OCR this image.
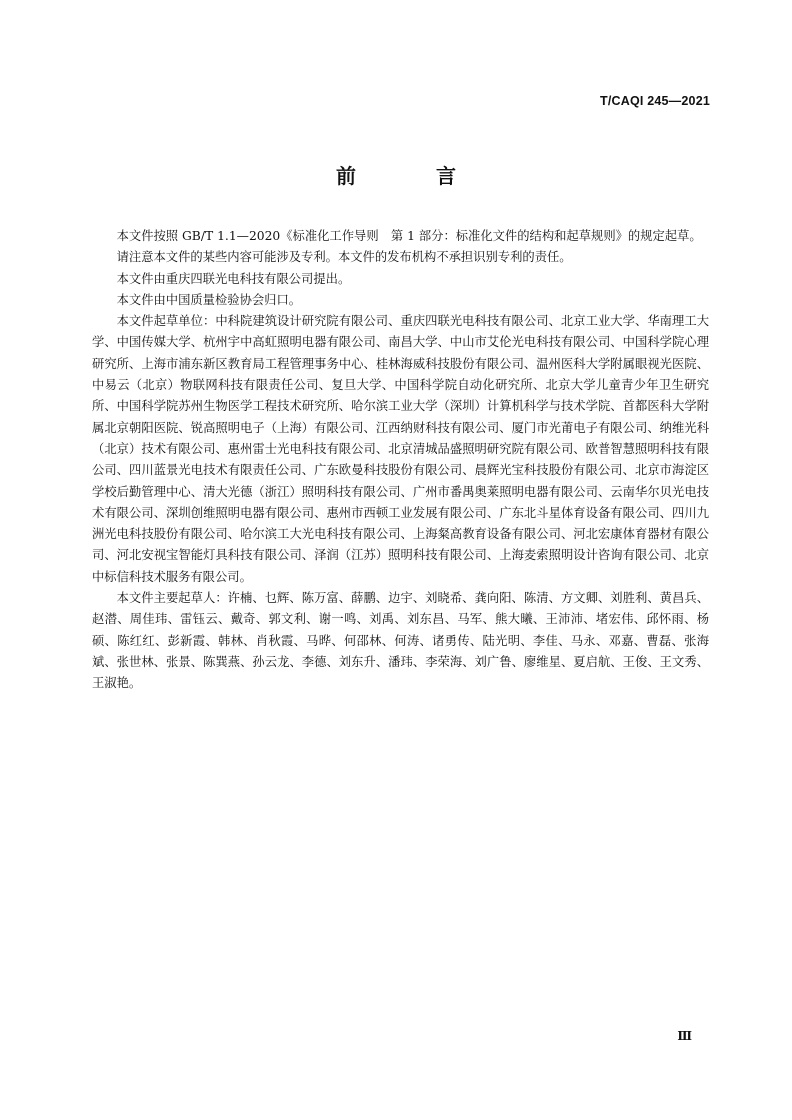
T/CAQI 245—2021
前　言

本文件按照 GB/T 1.1—2020《标准化工作导则　第 1 部分：标准化文件的结构和起草规则》的规定起草。

请注意本文件的某些内容可能涉及专利。本文件的发布机构不承担识别专利的责任。

本文件由重庆四联光电科技有限公司提出。

本文件由中国质量检验协会归口。

本文件起草单位：中科院建筑设计研究院有限公司、重庆四联光电科技有限公司、北京工业大学、华南理工大学、中国传媒大学、杭州宇中高虹照明电器有限公司、南昌大学、中山市艾伦光电科技有限公司、中国科学院心理研究所、上海市浦东新区教育局工程管理事务中心、桂林海威科技股份有限公司、温州医科大学附属眼视光医院、中易云（北京）物联网科技有限责任公司、复旦大学、中国科学院自动化研究所、北京大学儿童青少年卫生研究所、中国科学院苏州生物医学工程技术研究所、哈尔滨工业大学（深圳）计算机科学与技术学院、首都医科大学附属北京朝阳医院、锐高照明电子（上海）有限公司、江西纳财科技有限公司、厦门市光莆电子有限公司、纳维光科（北京）技术有限公司、惠州雷士光电科技有限公司、北京清城品盛照明研究院有限公司、欧普智慧照明科技有限公司、四川蓝景光电技术有限责任公司、广东欧曼科技股份有限公司、晨辉光宝科技股份有限公司、北京市海淀区学校后勤管理中心、清大光德（浙江）照明科技有限公司、广州市番禺奥莱照明电器有限公司、云南华尔贝光电技术有限公司、深圳创维照明电器有限公司、惠州市西顿工业发展有限公司、广东北斗星体育设备有限公司、四川九洲光电科技股份有限公司、哈尔滨工大光电科技有限公司、上海粲高教育设备有限公司、河北宏康体育器材有限公司、河北安视宝智能灯具科技有限公司、泽润（江苏）照明科技有限公司、上海麦索照明设计咨询有限公司、北京中标信科技术服务有限公司。

本文件主要起草人：许楠、乜辉、陈万富、薛鹏、边宇、刘晓希、龚向阳、陈清、方文卿、刘胜利、黄昌兵、赵潜、周佳玮、雷钰云、戴奇、郭文利、谢一鸣、刘禹、刘东昌、马军、熊大曦、王沛沛、堵宏伟、邱怀雨、杨硕、陈红红、彭新霞、韩林、肖秋霞、马晔、何邵林、何涛、诸勇传、陆光明、李佳、马永、邓嘉、曹磊、张海斌、张世林、张景、陈巽燕、孙云龙、李德、刘东升、潘玮、李荣海、刘广鲁、廖维星、夏启航、王俊、王文秀、王淑艳。

Ⅲ
